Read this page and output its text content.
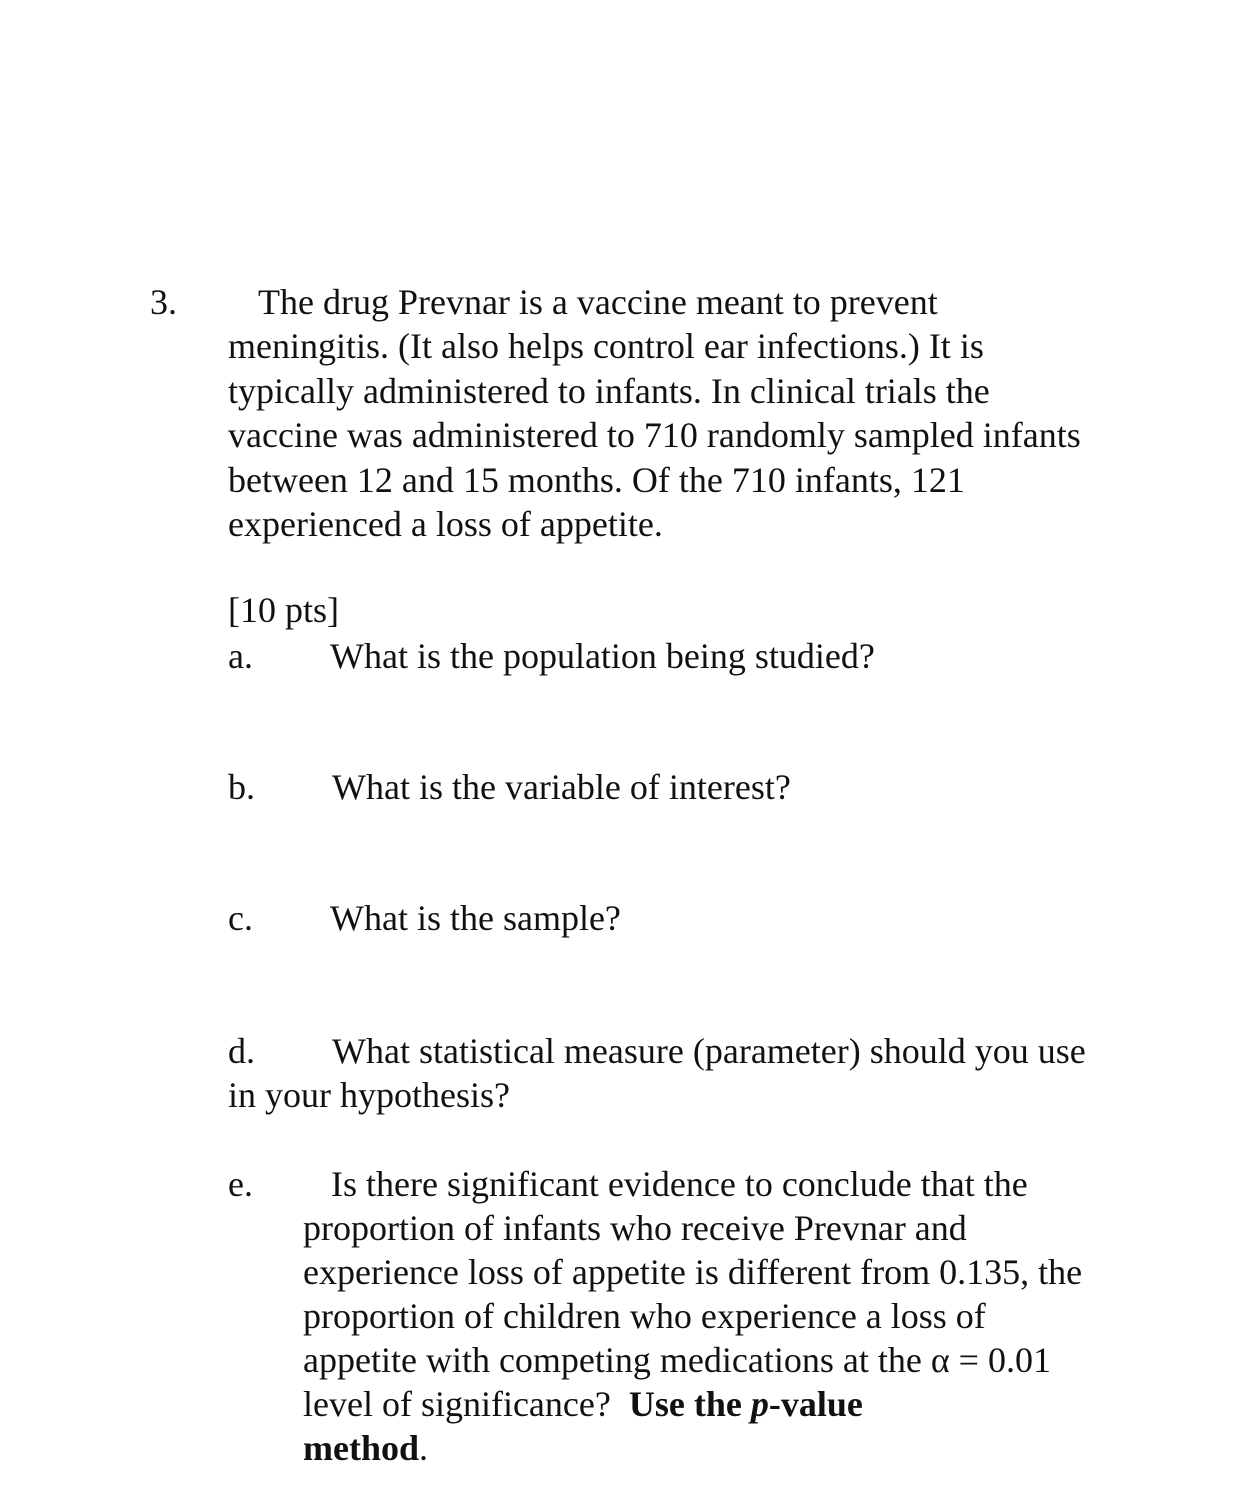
3.	The drug Prevnar is a vaccine meant to prevent

meningitis. (It also helps control ear infections.) It is

typically administered to infants. In clinical trials the

vaccine was administered to 710 randomly sampled infants

between 12 and 15 months. Of the 710 infants, 121

experienced a loss of appetite.

[10 pts]
a. What is the population being studied?
b. What is the variable of interest?
c. What is the sample?
d. What statistical measure (parameter) should you use
in your hypothesis?
e.	Is there significant evidence to conclude that the
proportion of infants who receive Prevnar and
experience loss of appetite is different from 0.135, the
proportion of children who experience a loss of
appetite with competing medications at the α = 0.01
level of significance?  Use the p-value
method.
